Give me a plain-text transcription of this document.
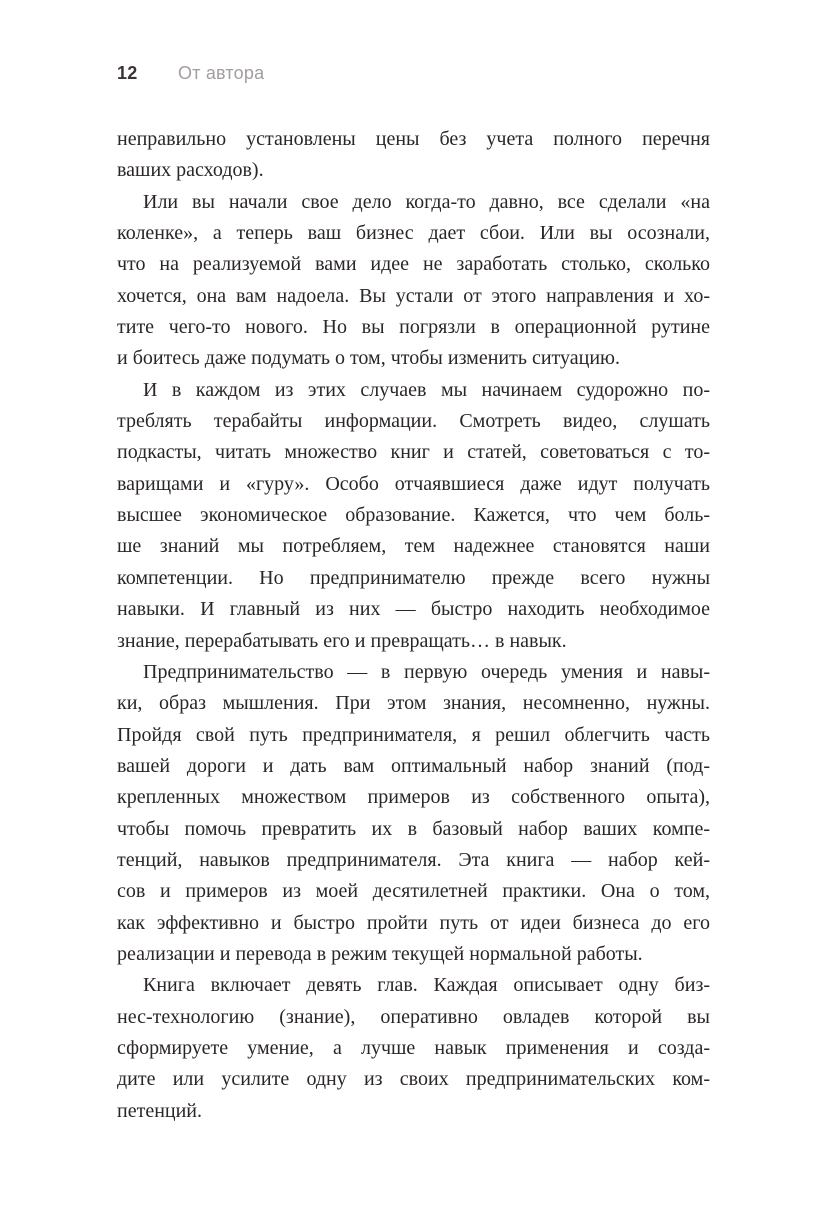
12	От автора
неправильно установлены цены без учета полного перечня
ваших расходов).
Или вы начали свое дело когда-то давно, все сделали «на
коленке», а теперь ваш бизнес дает сбои. Или вы осознали,
что на реализуемой вами идее не заработать столько, сколько
хочется, она вам надоела. Вы устали от этого направления и хо-
тите чего-то нового. Но вы погрязли в операционной рутине
и боитесь даже подумать о том, чтобы изменить ситуацию.
И в каждом из этих случаев мы начинаем судорожно по-
треблять терабайты информации. Смотреть видео, слушать
подкасты, читать множество книг и статей, советоваться с то-
варищами и «гуру». Особо отчаявшиеся даже идут получать
высшее экономическое образование. Кажется, что чем боль-
ше знаний мы потребляем, тем надежнее становятся наши
компетенции. Но предпринимателю прежде всего нужны
навыки. И главный из них — быстро находить необходимое
знание, перерабатывать его и превращать… в навык.
Предпринимательство — в первую очередь умения и навы-
ки, образ мышления. При этом знания, несомненно, нужны.
Пройдя свой путь предпринимателя, я решил облегчить часть
вашей дороги и дать вам оптимальный набор знаний (под-
крепленных множеством примеров из собственного опыта),
чтобы помочь превратить их в базовый набор ваших компе-
тенций, навыков предпринимателя. Эта книга — набор кей-
сов и примеров из моей десятилетней практики. Она о том,
как эффективно и быстро пройти путь от идеи бизнеса до его
реализации и перевода в режим текущей нормальной работы.
Книга включает девять глав. Каждая описывает одну биз-
нес-технологию (знание), оперативно овладев которой вы
сформируете умение, а лучше навык применения и созда-
дите или усилите одну из своих предпринимательских ком-
петенций.
